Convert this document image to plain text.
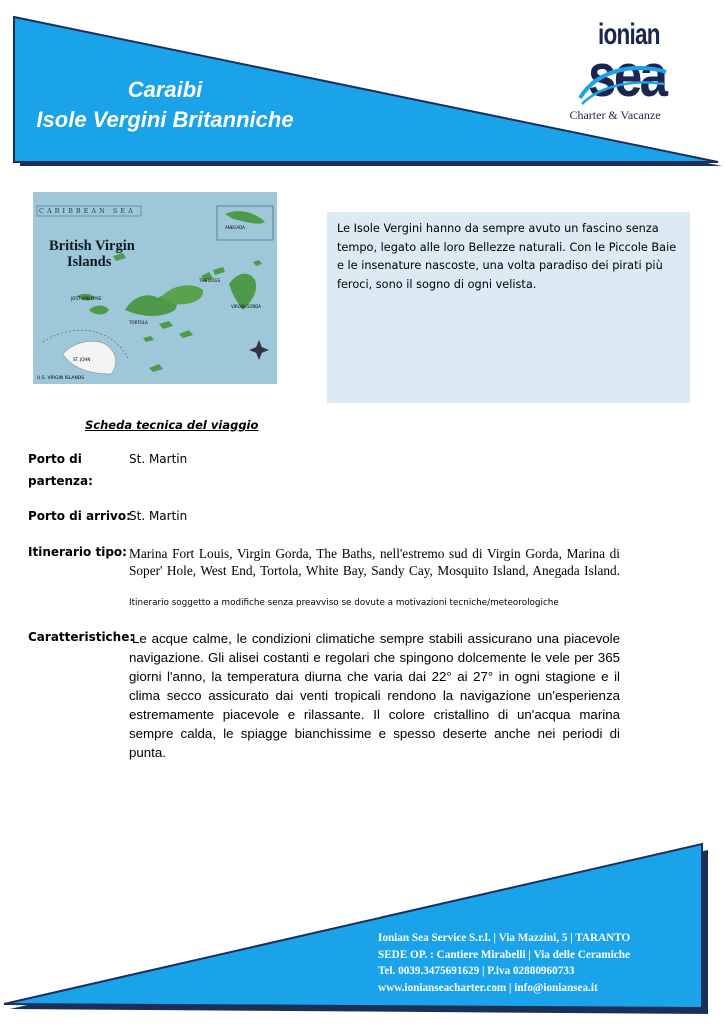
Caraibi
Isole Vergini Britanniche
ionian
sea
Charter & Vacanze
CARIBBEAN SEA
British Virgin
Islands
ANEGADA
THE DOGS
VIRGIN GORDA
JOST VAN DYKE
TORTOLA
ST. JOHN
U.S. VIRGIN ISLANDS
Le Isole Vergini hanno da sempre avuto un fascino senza tempo, legato alle loro Bellezze naturali. Con le Piccole Baie e le insenature nascoste, una volta paradiso dei pirati più feroci, sono il sogno di ogni velista.
Scheda tecnica del viaggio
Porto di
partenza:
St. Martin
Porto di arrivo:
St. Martin
Itinerario tipo: Marina Fort Louis, Virgin Gorda, The Baths, nell'estremo sud di Virgin Gorda, Marina di Soper' Hole, West End, Tortola, White Bay, Sandy Cay, Mosquito Island, Anegada Island.
Itinerario soggetto a modifiche senza preavviso se dovute a motivazioni tecniche/meteorologiche
Caratteristiche:
Le acque calme, le condizioni climatiche sempre stabili assicurano una piacevole navigazione. Gli alisei costanti e regolari che spingono dolcemente le vele per 365 giorni l'anno, la temperatura diurna che varia dai 22° ai 27° in ogni stagione e il clima secco assicurato dai venti tropicali rendono la navigazione un'esperienza estremamente piacevole e rilassante. Il colore cristallino di un'acqua marina sempre calda, le spiagge bianchissime e spesso deserte anche nei periodi di punta.
Ionian Sea Service S.r.l. | Via Mazzini, 5 | TARANTO
SEDE OP. : Cantiere Mirabelli | Via delle Ceramiche
Tel. 0039.3475691629 | P.iva 02880960733
www.ionianseacharter.com | info@ioniansea.it
